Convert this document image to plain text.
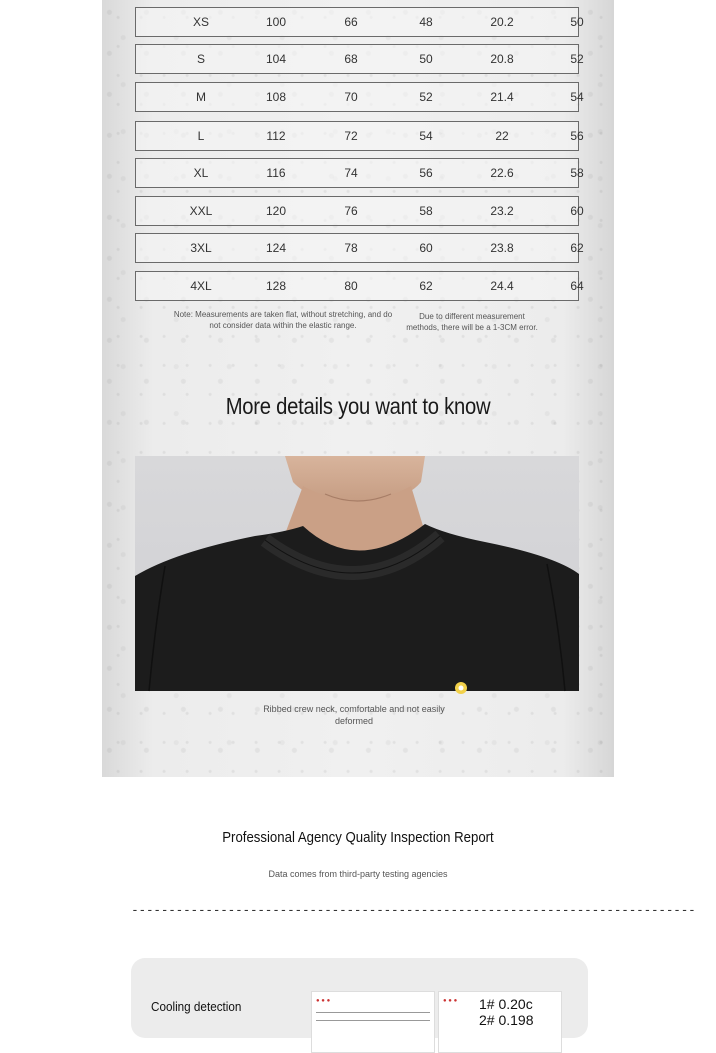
XS	100	66	48	20.2	50
S	104	68	50	20.8	52
M	108	70	52	21.4	54
L	112	72	54	22	56
XL	116	74	56	22.6	58
XXL	120	76	58	23.2	60
3XL	124	78	60	23.8	62
4XL	128	80	62	24.4	64
Note: Measurements are taken flat, without stretching, and do not consider data within the elastic range.
Due to different measurement methods, there will be a 1-3CM error.
More details you want to know
Ribbed crew neck, comfortable and not easily deformed
Professional Agency Quality Inspection Report
Data comes from third-party testing agencies
----------------------------------------------------------------------------
Cooling detection	● ● ●	● ● ● 1# 0.20c
2# 0.198
